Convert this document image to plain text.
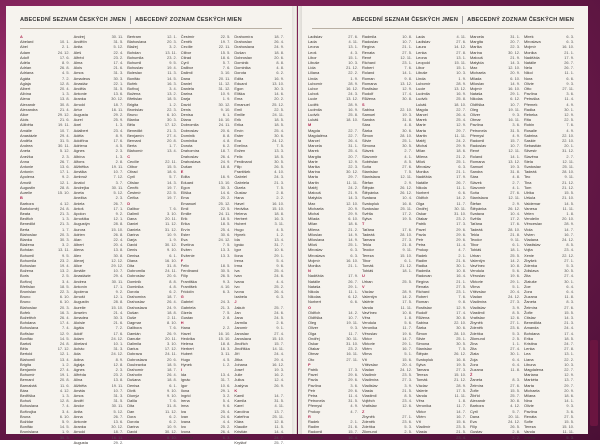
ABECEDNÍ SEZNAM ČESKÝCH JMEN ABECEDNÝ ZOZNAM ČESKÝCH MIEN
A
Abelard	10. 1.
Abel	2. 1.
Adam	24. 12.
Adolf	17. 6.
Adéla	8. 9.
Adrian	26. 8.
Adriana	4. 5.
Agáta	7. 2.
Aglaja	12. 8.
Albert	20. 4.
Albína	1. 3.
Alena	13. 8.
Alexandr	30. 8.
Alexandra	21. 4.
Alice	29. 12.
Alois	21. 6.
Alžběta	19. 11.
Amálie	10. 7.
Anastázie	29. 4.
Anděla	31. 5.
Andrea	30. 11.
Aneta	5. 12.
Anežka	2. 3.
Anna	26. 7.
Antonie	13. 6.
Antonín	17. 1.
Apolena	9. 2.
Arnošt	12. 1.
Augustin	28. 8.
Aurelie	15. 10.
B
Barbora	4. 12.
Bartoloměj	24. 8.
Beata	21. 3.
Bedřich	1. 3.
Benedikt	21. 3.
Berta	1. 7.
Blahoslav	20. 3.
Blanka	30. 3.
Blažena	3. 2.
Bohdan	13. 11.
Bohumil	9. 5.
Bohumila	23. 2.
Bohuslav	19. 4.
Božena	13. 2.
Boris	2. 5.
Bořivoj	3. 4.
Břetislav	18. 5.
Bronislav	22. 3.
Bruno	6. 10.
Bruno	6. 10.
Blahoslav	20. 3.
Bořek	16. 3.
Božetěch	26. 4.
Bohdana	17. 4.
Bohuslava	7. 4.
Bořislav	12. 9.
Bonifác	14. 5.
Bartoš	24. 8.
Běla	17. 12.
Bertold	12. 1.
Blahomil	13. 4.
Brigita	1. 2.
Benjamin	27. 4.
Bohumír	19. 1.
Bernard	20. 8.
Barnabáš	11. 6.
Bára	4. 12.
Bedřiška	1. 3.
Bohuš	12. 8.
Bohuslava	7. 4.
Bořivojka	3. 4.
Bruna	6. 10.
Božidar	5. 9.
Bonifác	14. 5.
Bronislava	1. 9.
Blanka	30. 3.
Andrej	30. 11.
Andělín	31. 5.
Anita	5. 12.
Aleš	22. 4.
Alfréd	23. 2.
Alma	17. 4.
Alois	21. 6.
Amos	31. 3.
Amadeus	30. 3.
Anastáz	22. 1.
Anděla	31. 5.
Antonie	13. 6.
Aranka	30. 12.
Arnold	18. 7.
Artur	16. 11.
Augusta	29. 2.
Aurel	25. 9.
Axel	1. 3.
Adalbert	23. 4.
Adéla	8. 9.
Adolfína	17. 6.
Adriena	4. 5.
Agnes	2. 3.
Albína	1. 3.
Alfons	2. 8.
Alžbětka	19. 11.
Amálka	10. 7.
Ambrož	7. 12.
Anatol	3. 7.
Andrejka	30. 11.
Aneta	5. 12.
Anežka	2. 3.
Aniela	26. 7.
Antoš	17. 1.
Apolon	9. 2.
Arnoštka	12. 1.
Augustýn	28. 8.
Aurora	15. 10.
Adrien	26. 8.
Alan	22. 4.
Albert	20. 4.
Alena	13. 8.
Alex	30. 8.
Alexej	12. 12.
Alice	29. 12.
Amálie	10. 7.
Anastázie	29. 4.
Andrea	30. 11.
Antonín	17. 1.
Apolena	9. 2.
Arnošt	12. 1.
Augustin	28. 8.
Aurelie	15. 10.
Anselm	21. 4.
Amadea	30. 3.
Aloisie	21. 6.
Agáta	7. 2.
Adolf	17. 6.
Adam	24. 12.
Abelard	10. 1.
Achác	31. 3.
Ada	24. 12.
Adina	8. 9.
Aglaja	12. 8.
Agnes	2. 3.
Alfréda	23. 2.
Alina	13. 8.
Alžběta	19. 11.
Amáta	10. 7.
Amos	31. 3.
Anděl	31. 5.
Andor	30. 11.
Anita	5. 12.
Anna	26. 7.
Antonie	13. 6.
Aranka	30. 12.
Arnold	18. 7.
Artur	16. 11.
Augusta	29. 2.
Bertram	12. 1.
Blahoslava	20. 3.
Blažej	3. 2.
Bohdan	13. 11.
Bohumila	23. 2.
Bohumil	9. 5.
Bohuslav	19. 4.
Boleslav	11. 3.
Bonifác	14. 5.
Bořek	16. 3.
Bořivoj	3. 4.
Božena	13. 2.
Břetislav	18. 5.
Brigita	1. 2.
Bronislav	22. 3.
Bruno	6. 10.
Blanka	30. 3.
Běla	17. 12.
Benedikt	21. 3.
Benjamín	27. 4.
Bernard	20. 8.
Berta	1. 7.
Blahomír	13. 4.
C
Cecílie	22. 11.
Ctibor	15. 5.
Ctirad	18. 6.
Cyril	5. 7.
Ctislav	14. 3.
Čeněk	19. 7.
Čestmír	22. 5.
Čeňka	19. 7.
D
Dalibor	7. 6.
Dalimil	3. 10.
Dana	20. 11.
Daniel	11. 12.
Daniela	31. 12.
Darina	10. 9.
Darja	1. 9.
David	30. 12.
Denis	9. 10.
Denisa	6. 1.
Diana	16. 10.
Dita	31. 8.
Dobromila	24. 11.
Dobroslav	20. 6.
Dominik	8. 8.
Dominika	4. 8.
Dorota	6. 2.
Drahomíra	18. 7.
Drahoslav	26. 4.
Drahoslava	24. 9.
Dušan	18. 8.
Duše	2. 11.
Dagmar	8. 10.
Dalibora	7. 6.
Damián	26. 9.
Danuše	20. 11.
Dalimila	3. 10.
Darius	17. 12.
Dobrava	24. 11.
Dobroslava	20. 6.
Doubravka	18. 5.
Drahomír	18. 7.
Drahotín	26. 4.
Dušana	18. 8.
Denisa	6. 1.
Diviš	9. 10.
Dionýz	9. 10.
Dalila	7. 6.
Dita	31. 8.
Dan	11. 12.
Dora	6. 2.
Dorota	6. 2.
Darina	10. 9.
David	30. 12.
Dagmar	8. 10.
Čestmír	22. 5.
Čeněk	19. 7.
Cecílie	22. 11.
Ctibor	15. 5.
Ctirad	18. 6.
Cyril	5. 7.
Dalibor	7. 6.
Dalimil	3. 10.
Dana	20. 11.
Daniel	11. 12.
Daniela	31. 12.
Darina	10. 9.
Darja	1. 9.
David	30. 12.
Denis	9. 10.
Denisa	6. 1.
Diana	16. 10.
Dobromila	24. 11.
Dobroslav	20. 6.
Dominik	8. 8.
Dominika	4. 8.
Dorota	6. 2.
Drahomíra	18. 7.
Drahoslav	26. 4.
Drahoslava	24. 9.
Dušan	18. 8.
E
Edita	16. 9.
Eduard	13. 10.
Egon	30. 3.
Eliška	14. 6.
Ema	20. 2.
Emanuel	25. 12.
Emil	22. 5.
Emilie	24. 11.
Erik	18. 5.
Erika	18. 5.
Ervín	25. 4.
Ester	30. 6.
Eva	24. 12.
Evelína	7. 5.
Evžen	13. 3.
Evženie	13. 3.
F
Felix	18. 5.
Ferdinand	30. 5.
Filip	26. 5.
Františka	9. 3.
František	4. 10.
Fridolín	6. 3.
G
Gabriel	24. 3.
Gabriela	21. 3.
Gizela	7. 5.
Gustav	2. 8.
H
Hana	2. 2.
Havel	16. 10.
Hedvika	15. 10.
Helena	18. 8.
Herbert	16. 3.
Hubert	3. 11.
Hugo	4. 5.
Hynek	1. 2.
I
Ida	13. 4.
Ignác	31. 7.
Igor	10. 6.
Ilona	29. 1.
Ingrid	3. 2.
Irena	5. 4.
Irma	9. 6.
Iva	25. 4.
Ivan	24. 6.
Ivana	4. 4.
Ivo	25. 2.
Ivona	26. 4.
Izabela	6. 3.
Drahomíra	18. 7.
Drahoslav	26. 4.
Drahoslava	24. 9.
Dušan	18. 8.
Dobroslav	20. 6.
Dominik	8. 8.
Dominika	4. 8.
Dorota	6. 2.
Edita	16. 9.
Eduard	13. 10.
Egon	30. 3.
Eliška	14. 6.
Ema	20. 2.
Emanuel	25. 12.
Emil	22. 5.
Emilie	24. 11.
Erik	18. 5.
Erika	18. 5.
Ervín	25. 4.
Ester	30. 6.
Eva	24. 12.
Evelína	7. 5.
Evžen	13. 3.
Felix	18. 5.
Ferdinand	30. 5.
Filip	26. 5.
František	4. 10.
Gabriel	24. 3.
Gabriela	21. 3.
Gizela	7. 5.
Gustav	2. 8.
Hana	2. 2.
Havel	16. 10.
Hedvika	15. 10.
Helena	18. 8.
Herbert	16. 3.
Hubert	3. 11.
Hugo	4. 5.
Hynek	1. 2.
Ida	13. 4.
Ignác	31. 7.
Igor	10. 6.
Ilona	29. 1.
Irena	5. 4.
Irma	9. 6.
Iva	25. 4.
Ivan	24. 6.
Ivana	4. 4.
Ivo	25. 2.
Ivona	26. 4.
Izabela	6. 3.
J
Jakub	25. 7.
Jan	24. 6.
Jana	24. 5.
Jarmila	2. 6.
Jaromír	9. 1.
Jaroslav	27. 4.
Jaroslava	15. 10.
Jindřich	15. 7.
Jindřiška	14. 11.
Jiří	24. 4.
Jitka	29. 4.
Johana	16. 12.
Josef	19. 3.
Julie	16. 2.
Julius	12. 4.
Justýna	26. 9.
K
Kamil	14. 7.
Kamila	31. 5.
Karel	4. 11.
Karolína	13. 7.
Kateřina	25. 11.
Klára	12. 8.
Klaudie	11. 5.
Kristián	14. 4.
Kristýna	24. 7.
Kryštof	25. 7.
ABECEDNÍ SEZNAM ČESKÝCH JMEN ABECEDNÝ ZOZNAM ČESKÝCH MIEN
Ladislav	27. 6.
Lada	4. 11.
Leona	13. 1.
Leoš	4. 3.
Libor	15. 1.
Libuše	10. 3.
Lída	21. 12.
Liliana	22. 2.
Linda	1. 9.
Lubomír	28. 9.
Lubor	16. 12.
Luboš	24. 3.
Lucie	13. 12.
Luděk	28. 9.
Ludmila	16. 9.
Ludvík	25. 8.
Lukáš	18. 10.
M
Magda	22. 7.
Magdaléna	22. 7.
Marcel	26. 4.
Marcela	31. 1.
Marek	25. 4.
Margita	20. 7.
Marie	12. 9.
Marika	22. 3.
Marina	30. 12.
Marta	29. 7.
Martin	11. 11.
Matěj	24. 2.
Matouš	21. 9.
Matylda	14. 3.
Max	12. 10.
Michaela	20. 9.
Michal	29. 9.
Milada	6. 10.
Milan	18. 6.
Milena	21. 2.
Miloslav	14. 9.
Miloslava	14. 9.
Miloš	25. 1.
Miroslav	6. 3.
Miroslava	6. 3.
Mojmír	16. 10.
Monika	21. 1.
N
Naděžda	17. 9.
Natálie	26. 7.
Nataša	29. 1.
Nikola	11. 1.
Nikolas	6. 12.
Norbert	6. 6.
O
Oldřich	14. 2.
Oldřiška	10. 7.
Oleg	19. 11.
Oliver	9. 3.
Olga	11. 7.
Ondřej	30. 11.
Oskar	31. 10.
Otakar	23. 2.
Otmar	16. 11.
Oto	27. 11.
P
Patrik	17. 3.
Pavel	29. 6.
Pavla	29. 6.
Pavlína	3. 6.
Petr	29. 6.
Petra	11. 4.
Petronela	31. 5.
Přemysl	4. 9.
Prokop	4. 7.
R
Radek	2. 1.
Radim	21. 6.
Radomil	15. 7.
Radovan	16. 4.
Radmila	10. 8.
Radoslav	10. 7.
Regína	21. 1.
Renata	27. 5.
René	12. 11.
Richard	23. 1.
Robert	7. 6.
Roland	14. 1.
Roman	9. 8.
Romana	13. 12.
Rostislav	12. 9.
Rudolf	17. 4.
Růžena	30. 8.
S
Sabina	22. 10.
Samuel	19. 3.
Sandra	31. 8.
Sára	4. 8.
Šárka	30. 6.
Šimon	28. 10.
Silvie	25. 1.
Simona	30. 5.
Slávek	2. 7.
Slavomír	4. 1.
Soběslav	8. 5.
Soňa	27. 6.
Stanislav	7. 5.
Stanislava	12. 11.
Štefan	2. 9.
Štěpán	26. 12.
Štěpánka	26. 12.
Svatava	10. 4.
Svatopluk	16. 8.
Svatoslav	25. 11.
Světla	17. 2.
Sylva	19. 5.
T
Taťána	17. 6.
Tadeáš	28. 10.
Tamara	27. 3.
Tekla	21. 8.
Teodor	9. 11.
Tereza	15. 10.
Tibor	6. 1.
Tomáš	21. 12.
Tobiáš	18. 1.
U
Urban	25. 5.
V
Václav	28. 9.
Valentýn	14. 2.
Valérie	17. 5.
Vanda	11. 11.
Vavřinec	10. 8.
Věra	1. 8.
Vendula	5. 6.
Veronika	11. 7.
Věroslav	19. 6.
Viktor	14. 7.
Viktorie	29. 1.
Vilém	16. 7.
Vilma	5. 1.
Vít	15. 6.
Vítězslav	20. 4.
Vladan	24. 12.
Vladimír	23. 5.
Vladimíra	27. 3.
Vladislav	3. 9.
Vlasta	21. 5.
Vlastimil	8. 5.
Vojtěch	23. 4.
Vratislav	12. 6.
Z
Zbyněk	27. 1.
Zdeněk	23. 6.
Zdeňka	5. 3.
Zikmund	2. 5.
Lada	4. 11.
Ladislav	27. 6.
Laura	14. 12.
Lenka	27. 8.
Leona	13. 1.
Leopold	15. 11.
Libor	15. 1.
Libuše	10. 3.
Linda	1. 9.
Lubomír	28. 9.
Lucie	13. 12.
Ludmila	16. 9.
Ludvík	25. 8.
Lukáš	18. 10.
Magda	22. 7.
Marcel	26. 4.
Marek	25. 4.
Marie	12. 9.
Marta	29. 7.
Martin	11. 11.
Matěj	24. 2.
Michal	29. 9.
Milan	18. 6.
Milena	21. 2.
Miloš	25. 1.
Miroslav	6. 3.
Monika	21. 1.
Naděžda	17. 9.
Natálie	26. 7.
Nikola	11. 1.
Norbert	6. 6.
Oldřich	14. 2.
Olga	11. 7.
Ondřej	30. 11.
Oskar	31. 10.
Otakar	23. 2.
Patrik	17. 3.
Pavel	29. 6.
Pavla	29. 6.
Petr	29. 6.
Petra	11. 4.
Prokop	4. 7.
Radek	2. 1.
Radim	21. 6.
Radka	30. 1.
Radmila	10. 8.
Radovan	16. 4.
Regína	21. 1.
Renata	27. 5.
Richard	23. 1.
Robert	7. 6.
Roman	9. 8.
Rostislav	12. 9.
Rudolf	17. 4.
Růžena	30. 8.
Sabina	22. 10.
Šárka	30. 6.
Šimon	28. 10.
Silvie	25. 1.
Simona	30. 5.
Stanislav	7. 5.
Štěpán	26. 12.
Svatopluk	16. 8.
Sylva	19. 5.
Tamara	27. 3.
Tereza	15. 10.
Tomáš	21. 12.
Václav	28. 9.
Valerie	17. 5.
Vanda	11. 11.
Věra	1. 8.
Veronika	11. 7.
Viktor	14. 7.
Vilém	16. 7.
Vít	15. 6.
Vladimír	23. 5.
Vlasta	21. 5.
Vojtěch	23. 4.
Marcela	31. 1.
Margita	20. 7.
Marika	22. 3.
Marina	30. 12.
Matouš	21. 9.
Matylda	14. 3.
Max	12. 10.
Michaela	20. 9.
Milada	6. 10.
Miloslav	14. 9.
Mojmír	16. 10.
Nataša	29. 1.
Nikolas	6. 12.
Oldřiška	10. 7.
Oleg	19. 11.
Oliver	9. 3.
Otmar	16. 11.
Pavlína	3. 6.
Petronela	31. 5.
Přemysl	4. 9.
Radomil	15. 7.
Radoslav	10. 7.
René	12. 11.
Roland	14. 1.
Romana	13. 12.
Samuel	19. 3.
Sandra	31. 8.
Sára	4. 8.
Slávek	2. 7.
Slavomír	4. 1.
Soňa	27. 6.
Stanislava	12. 11.
Štefan	2. 9.
Štěpánka	26. 12.
Svatava	10. 4.
Světla	17. 2.
Taťána	17. 6.
Tadeáš	28. 10.
Tekla	21. 8.
Teodor	9. 11.
Tibor	6. 1.
Tobiáš	18. 1.
Urban	25. 5.
Valentýn	14. 2.
Vavřinec	10. 8.
Vendula	5. 6.
Věroslav	19. 6.
Viktorie	29. 1.
Vilma	5. 1.
Vítězslav	20. 4.
Vladan	24. 12.
Vladimíra	27. 3.
Vladislav	3. 9.
Vlastimil	8. 5.
Vratislav	12. 6.
Zbyněk	27. 1.
Zdeněk	23. 6.
Zdeňka	5. 3.
Zikmund	2. 5.
Zina	1. 1.
Zita	27. 4.
Zlata	30. 1.
Zoja	6. 4.
Zora	6. 4.
Zuzana	11. 8.
Ž
Žaneta	8. 3.
Želmíra	27. 6.
Žofie	15. 5.
Žibřid	25. 7.
Alexandr	30. 8.
Barbora	4. 12.
Cyril	5. 7.
Dana	20. 11.
Eva	24. 12.
Filip	26. 5.
Gustav	2. 8.
Hana	2. 2.
Mirek	6. 3.
Miroslava	6. 3.
Mojmír	16. 10.
Monika	21. 1.
Naděžda	17. 9.
Natálie	26. 7.
Nela	26. 7.
Nikol	11. 1.
Nora	6. 6.
Olivie	9. 3.
Otto	27. 11.
Pavlína	3. 6.
Petruška	11. 4.
Přemek	4. 9.
Radka	30. 1.
Rebeka	12. 9.
Rita	22. 5.
Robin	7. 6.
Rosalie	4. 9.
Sabrina	22. 10.
Saskie	22. 10.
Sebastián	20. 1.
Silvestr	31. 12.
Slavěna	2. 7.
Stela	12. 11.
Svatoslav	25. 11.
Tadeáš	28. 10.
Teo	9. 11.
Tina	21. 12.
Tom	21. 12.
Ulrika	15. 5.
Uršula	21. 10.
Valdemar	14. 5.
Vanesa	11. 11.
Velen	1. 8.
Vendelín	20. 10.
Věnceslav	28. 9.
Viola	14. 7.
Vivien	16. 7.
Vladana	24. 12.
Vlastislav	8. 5.
Vojta	23. 4.
Xenie	22. 12.
Zbyšek	27. 1.
Zdenka	5. 3.
Zdislava	30. 5.
Zita	27. 4.
Zlatuše	30. 1.
Zoe	6. 4.
Zora	6. 4.
Zuzana	11. 8.
Žaneta	8. 3.
Želmíra	27. 6.
Žofie	15. 5.
Ctislav	14. 3.
Benedikta	21. 3.
Amanda	24. 4.
Bohdana	17. 4.
Erika	18. 5.
Kristina	24. 7.
Lenka	27. 8.
Lea	13. 1.
Liana	22. 2.
Libuna	10. 3.
Magdalena	22. 7.
Mariana	12. 9.
Markéta	13. 7.
Marta	29. 7.
Michaela	20. 9.
Milana	18. 6.
Nina	14. 1.
Olivie	9. 3.
Pavlína	3. 6.
Renáta	27. 5.
Sofie	15. 5.
Tereza	15. 10.
Vanda	11. 11.
Zdena	5. 3.
